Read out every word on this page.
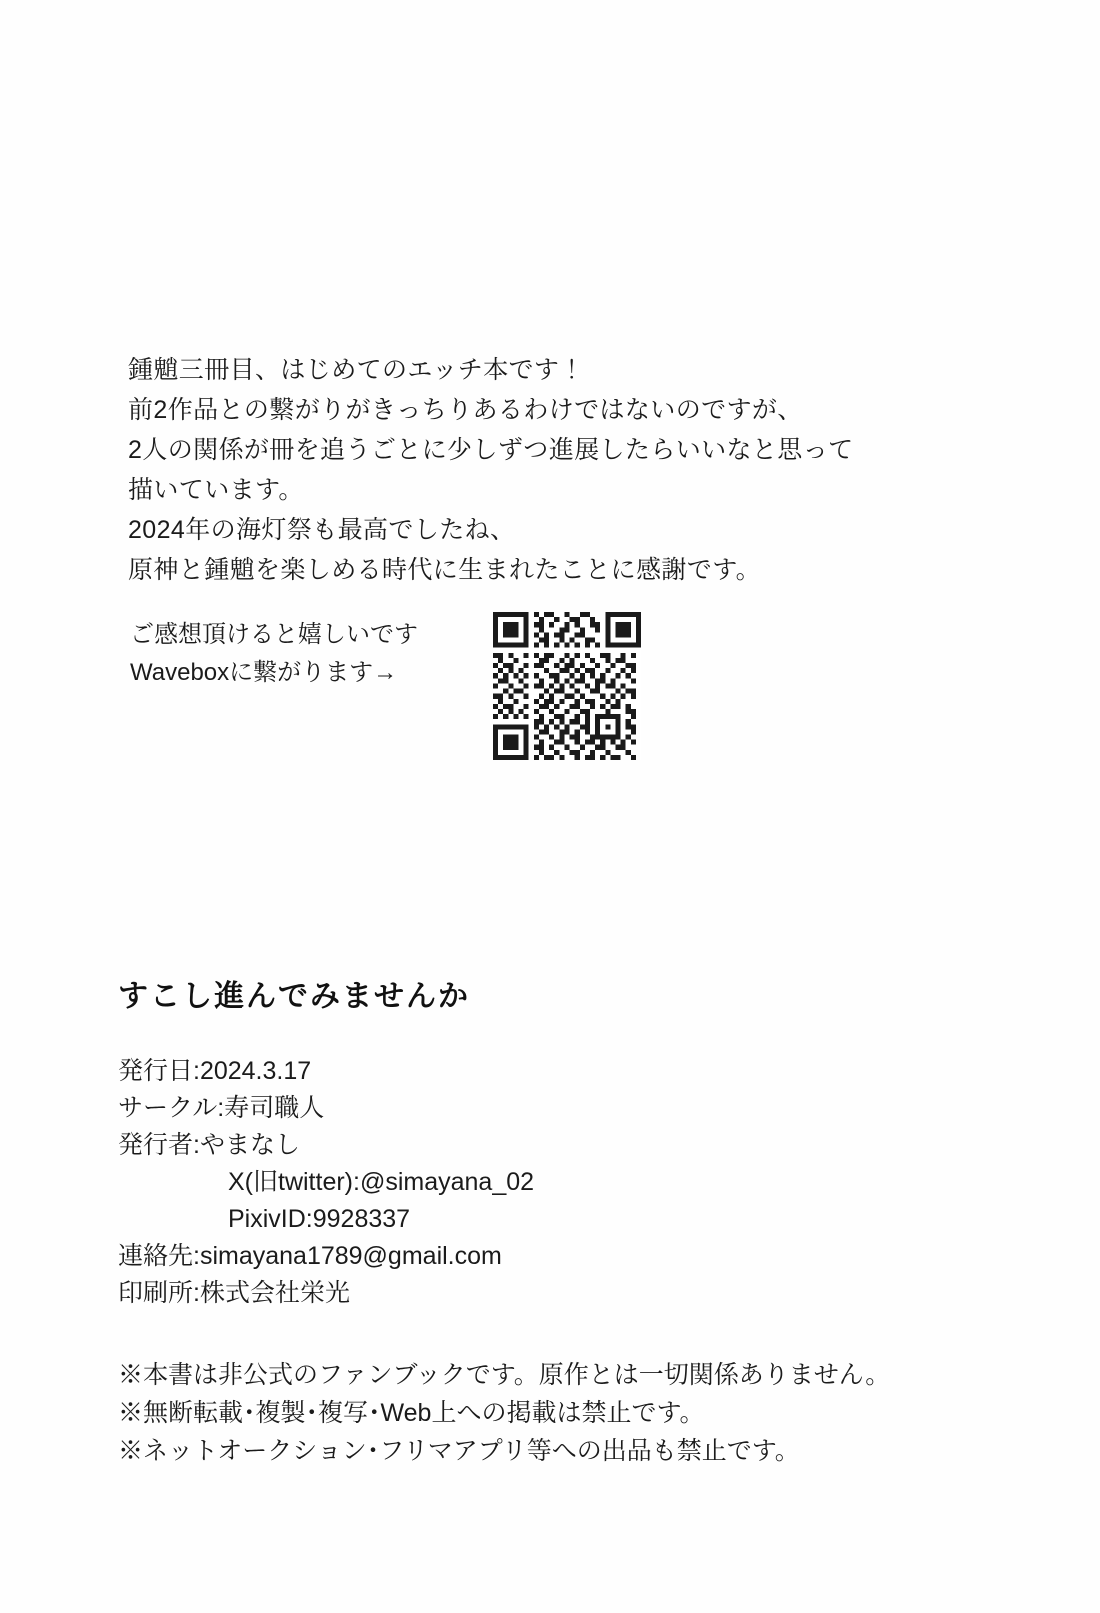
鍾魈三冊目、はじめてのエッチ本です！

前2作品との繋がりがきっちりあるわけではないのですが、

2人の関係が冊を追うごとに少しずつ進展したらいいなと思って

描いています。

2024年の海灯祭も最高でしたね、

原神と鍾魈を楽しめる時代に生まれたことに感謝です。

ご感想頂けると嬉しいです

Waveboxに繋がります→

すこし進んでみませんか

発行日:2024.3.17

サークル:寿司職人

発行者:やまなし

X(旧twitter):@simayana_02

PixivID:9928337

連絡先:simayana1789@gmail.com

印刷所:株式会社栄光

※本書は非公式のファンブックです。原作とは一切関係ありません。

※無断転載･複製･複写･Web上への掲載は禁止です。

※ネットオークション･フリマアプリ等への出品も禁止です。
